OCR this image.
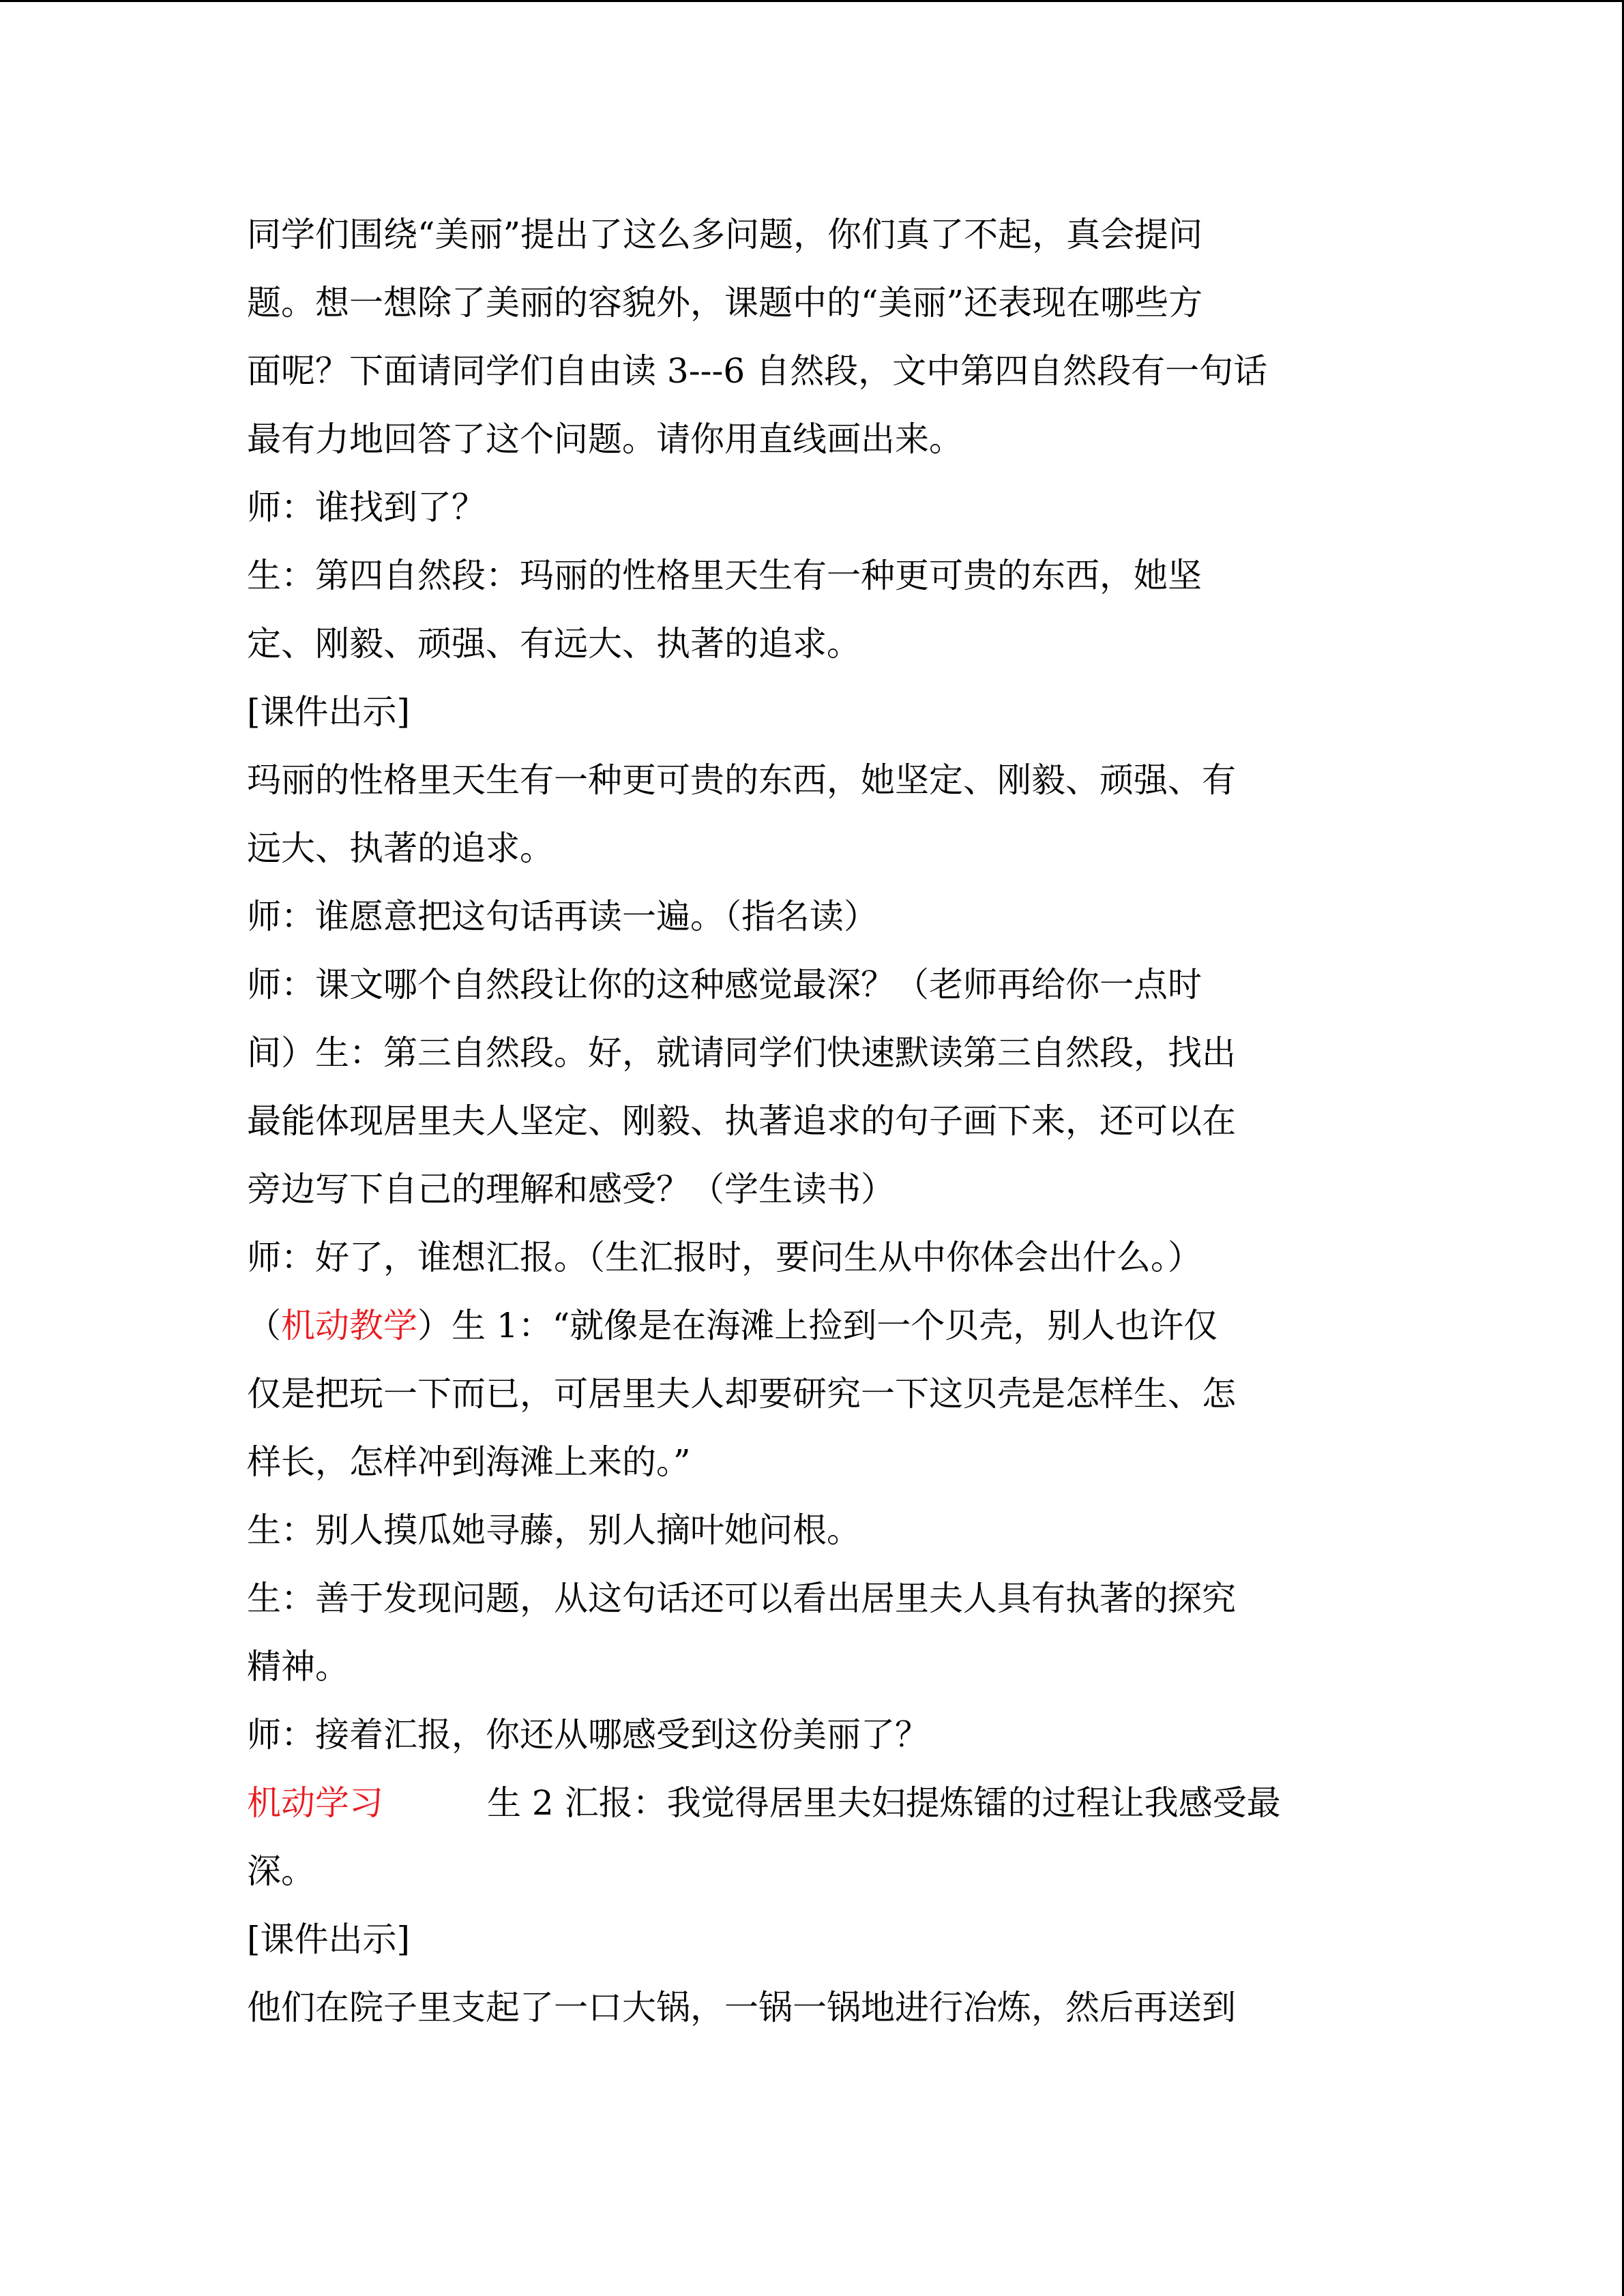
同学们围绕“美丽”提出了这么多问题，你们真了不起，真会提问
题。想一想除了美丽的容貌外，课题中的“美丽”还表现在哪些方
面呢？下面请同学们自由读 3---6 自然段，文中第四自然段有一句话
最有力地回答了这个问题。请你用直线画出来。
师：谁找到了？
生：第四自然段：玛丽的性格里天生有一种更可贵的东西，她坚
定、刚毅、顽强、有远大、执著的追求。
[课件出示]
玛丽的性格里天生有一种更可贵的东西，她坚定、刚毅、顽强、有
远大、执著的追求。
师：谁愿意把这句话再读一遍。（指名读）
师：课文哪个自然段让你的这种感觉最深？（老师再给你一点时
间）生：第三自然段。好，就请同学们快速默读第三自然段，找出
最能体现居里夫人坚定、刚毅、执著追求的句子画下来，还可以在
旁边写下自己的理解和感受？（学生读书）
师：好了，谁想汇报。（生汇报时，要问生从中你体会出什么。）
（机动教学）生 1：“就像是在海滩上捡到一个贝壳，别人也许仅
仅是把玩一下而已，可居里夫人却要研究一下这贝壳是怎样生、怎
样长，怎样冲到海滩上来的。”
生：别人摸瓜她寻藤，别人摘叶她问根。
生：善于发现问题，从这句话还可以看出居里夫人具有执著的探究
精神。
师：接着汇报，你还从哪感受到这份美丽了？
机动学习	生 2 汇报：我觉得居里夫妇提炼镭的过程让我感受最
深。
[课件出示]
他们在院子里支起了一口大锅，一锅一锅地进行冶炼，然后再送到
